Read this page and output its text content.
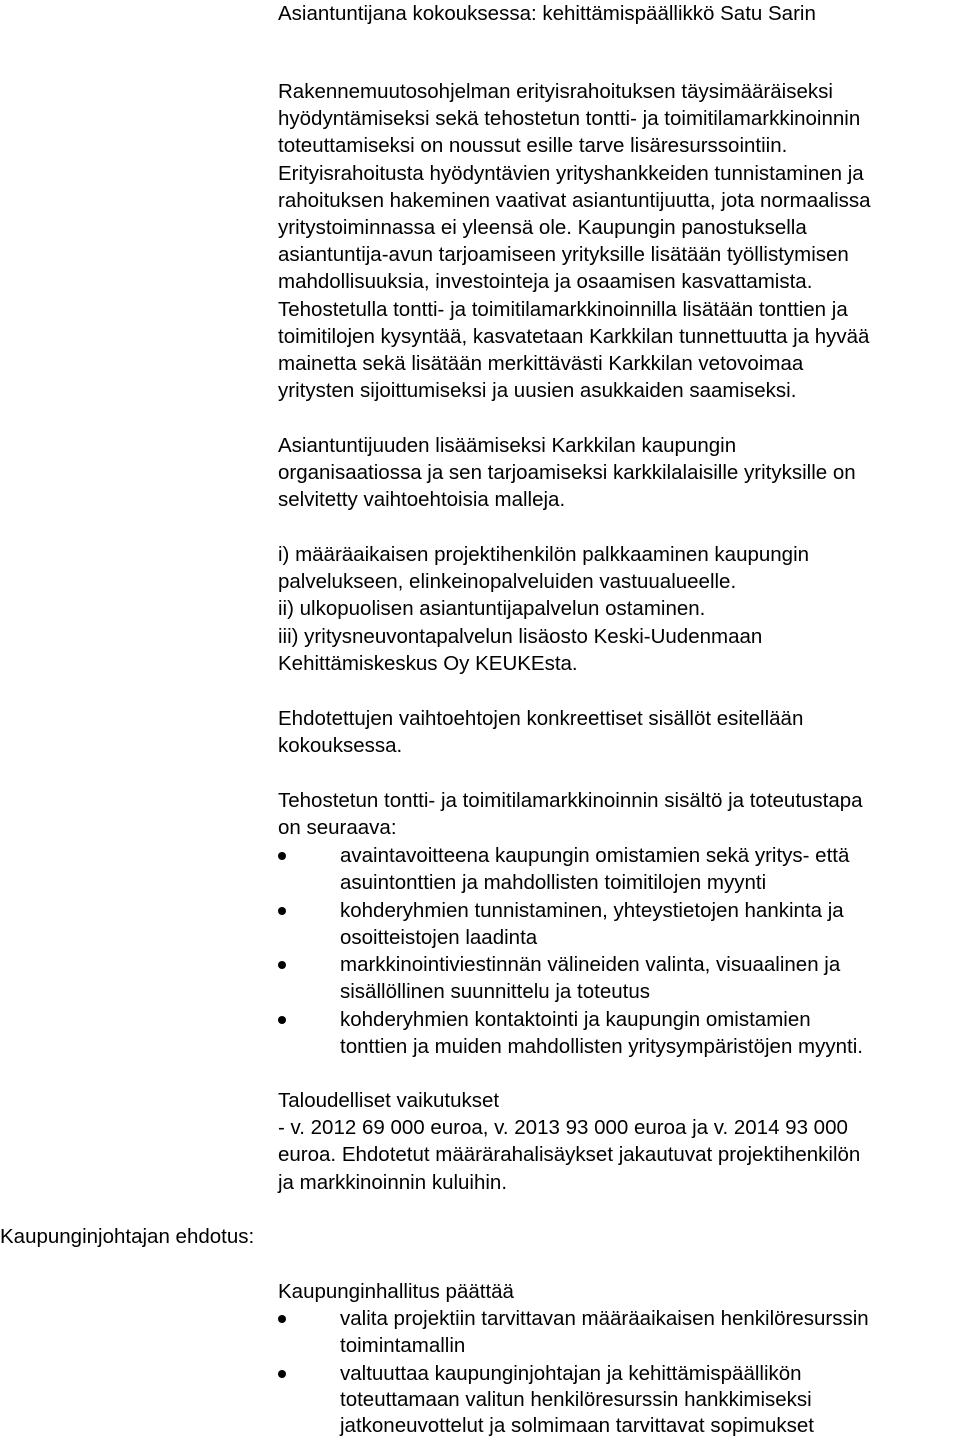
Asiantuntijana kokouksessa: kehittämispäällikkö Satu Sarin

Rakennemuutosohjelman erityisrahoituksen täysimääräiseksi
hyödyntämiseksi sekä tehostetun tontti- ja toimitilamarkkinoinnin
toteuttamiseksi on noussut esille tarve lisäresurssointiin.
Erityisrahoitusta hyödyntävien yrityshankkeiden tunnistaminen ja
rahoituksen hakeminen vaativat asiantuntijuutta, jota normaalissa
yritystoiminnassa ei yleensä ole. Kaupungin panostuksella
asiantuntija-avun tarjoamiseen yrityksille lisätään työllistymisen
mahdollisuuksia, investointeja ja osaamisen kasvattamista.
Tehostetulla tontti- ja toimitilamarkkinoinnilla lisätään tonttien ja
toimitilojen kysyntää, kasvatetaan Karkkilan tunnettuutta ja hyvää
mainetta sekä lisätään merkittävästi Karkkilan vetovoimaa
yritysten sijoittumiseksi ja uusien asukkaiden saamiseksi.

Asiantuntijuuden lisäämiseksi Karkkilan kaupungin
organisaatiossa ja sen tarjoamiseksi karkkilalaisille yrityksille on
selvitetty vaihtoehtoisia malleja.

i) määräaikaisen projektihenkilön palkkaaminen kaupungin
palvelukseen, elinkeinopalveluiden vastuualueelle.
ii) ulkopuolisen asiantuntijapalvelun ostaminen.
iii) yritysneuvontapalvelun lisäosto Keski-Uudenmaan
Kehittämiskeskus Oy KEUKEsta.

Ehdotettujen vaihtoehtojen konkreettiset sisällöt esitellään
kokouksessa.

Tehostetun tontti- ja toimitilamarkkinoinnin sisältö ja toteutustapa
on seuraava:

avaintavoitteena kaupungin omistamien sekä yritys- että
asuintonttien ja mahdollisten toimitilojen myynti
kohderyhmien tunnistaminen, yhteystietojen hankinta ja
osoitteistojen laadinta
markkinointiviestinnän välineiden valinta, visuaalinen ja
sisällöllinen suunnittelu ja toteutus
kohderyhmien kontaktointi ja kaupungin omistamien
tonttien ja muiden mahdollisten yritysympäristöjen myynti.

Taloudelliset vaikutukset
- v. 2012 69 000 euroa, v. 2013 93 000 euroa ja v. 2014 93 000
euroa. Ehdotetut määrärahalisäykset jakautuvat projektihenkilön
ja markkinoinnin kuluihin.

Kaupunginjohtajan ehdotus:

Kaupunginhallitus päättää

valita projektiin tarvittavan määräaikaisen henkilöresurssin
toimintamallin
valtuuttaa kaupunginjohtajan ja kehittämispäällikön
toteuttamaan valitun henkilöresurssin hankkimiseksi
jatkoneuvottelut ja solmimaan tarvittavat sopimukset
